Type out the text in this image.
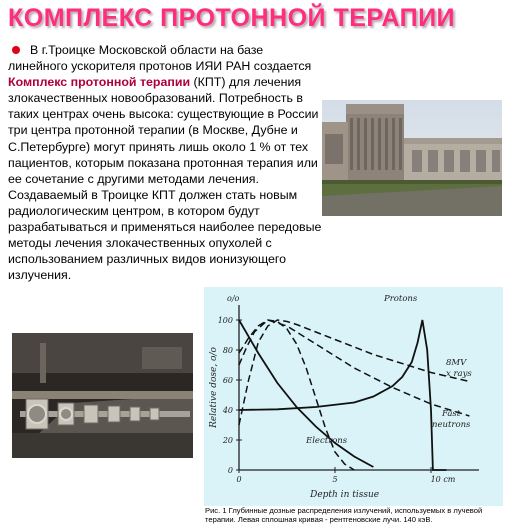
КОМПЛЕКС ПРОТОННОЙ ТЕРАПИИ

В г.Троицке Московской области на базе линейного ускорителя протонов ИЯИ РАН создается Комплекс протонной терапии (КПТ) для лечения злокачественных новообразований. Потребность в таких центрах очень высока: существующие в России три центра протонной терапии (в Москве, Дубне и С.Петербурге) могут принять лишь около 1 % от тех пациентов, которым показана протонная терапия или ее сочетание с другими методами лечения. Создаваемый в Троицке КПТ должен стать новым радиологическим центром, в котором будут разрабатываться и применяться наиболее передовые методы лечения злокачественных опухолей с использованием различных видов ионизующего излучения.

0
20
40
60
80
100
o/o
0	5	10 cm
Depth in tissue
Relative dose, o/o
Protons
8MV
x rays
Fast
neutrons
Electrons
Рис. 1 Глубинные дозные распределения излучений, используемых в лучевой терапии. Левая сплошная кривая - рентгеновские лучи. 140 кэВ.
